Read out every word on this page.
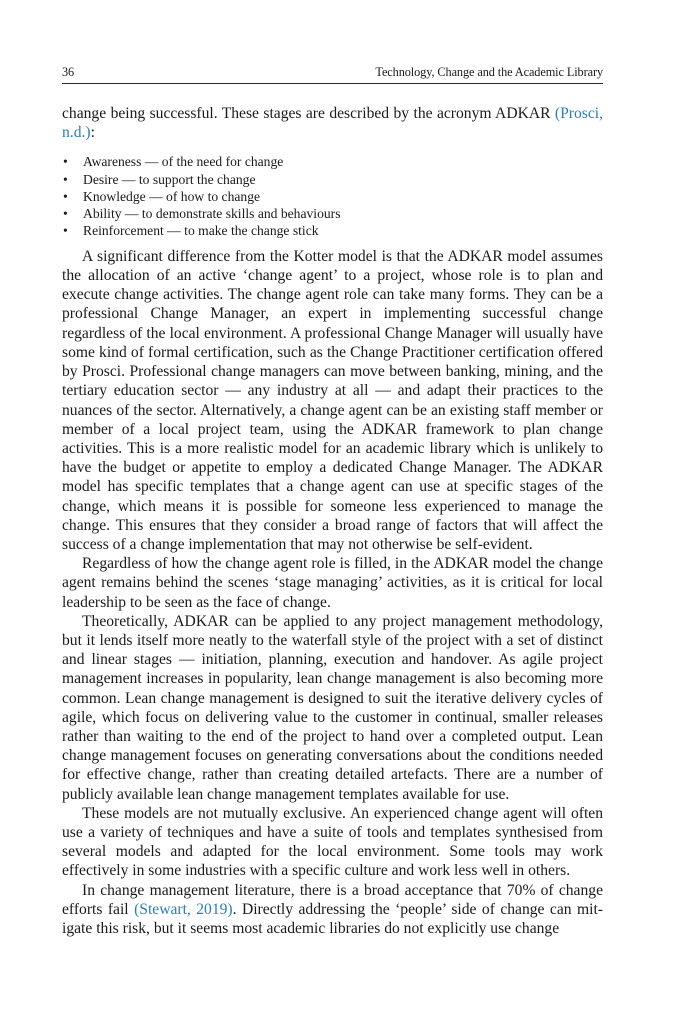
36	Technology, Change and the Academic Library

change being successful. These stages are described by the acronym ADKAR (Prosci, n.d.):

• Awareness — of the need for change
• Desire — to support the change
• Knowledge — of how to change
• Ability — to demonstrate skills and behaviours
• Reinforcement — to make the change stick

A significant difference from the Kotter model is that the ADKAR model assumes the allocation of an active ‘change agent’ to a project, whose role is to plan and execute change activities. The change agent role can take many forms. They can be a professional Change Manager, an expert in implementing successful change regardless of the local environment. A professional Change Manager will usually have some kind of formal certification, such as the Change Practitioner certification offered by Prosci. Professional change managers can move between banking, mining, and the tertiary education sector — any industry at all — and adapt their practices to the nuances of the sector. Alternatively, a change agent can be an existing staff member or member of a local project team, using the ADKAR framework to plan change activities. This is a more realistic model for an academic library which is unlikely to have the budget or appetite to employ a dedicated Change Manager. The ADKAR model has specific templates that a change agent can use at specific stages of the change, which means it is possible for someone less experienced to manage the change. This ensures that they consider a broad range of factors that will affect the success of a change implementation that may not otherwise be self-evident.

Regardless of how the change agent role is filled, in the ADKAR model the change agent remains behind the scenes ‘stage managing’ activities, as it is critical for local leadership to be seen as the face of change.

Theoretically, ADKAR can be applied to any project management methodology, but it lends itself more neatly to the waterfall style of the project with a set of distinct and linear stages — initiation, planning, execution and handover. As agile project management increases in popularity, lean change management is also becoming more common. Lean change management is designed to suit the iterative delivery cycles of agile, which focus on delivering value to the customer in continual, smaller releases rather than waiting to the end of the project to hand over a completed output. Lean change management focuses on generating conversations about the conditions needed for effective change, rather than creating detailed artefacts. There are a number of publicly available lean change management templates available for use.

These models are not mutually exclusive. An experienced change agent will often use a variety of techniques and have a suite of tools and templates synthesised from several models and adapted for the local environment. Some tools may work effectively in some industries with a specific culture and work less well in others.

In change management literature, there is a broad acceptance that 70% of change efforts fail (Stewart, 2019). Directly addressing the ‘people’ side of change can mitigate this risk, but it seems most academic libraries do not explicitly use change
